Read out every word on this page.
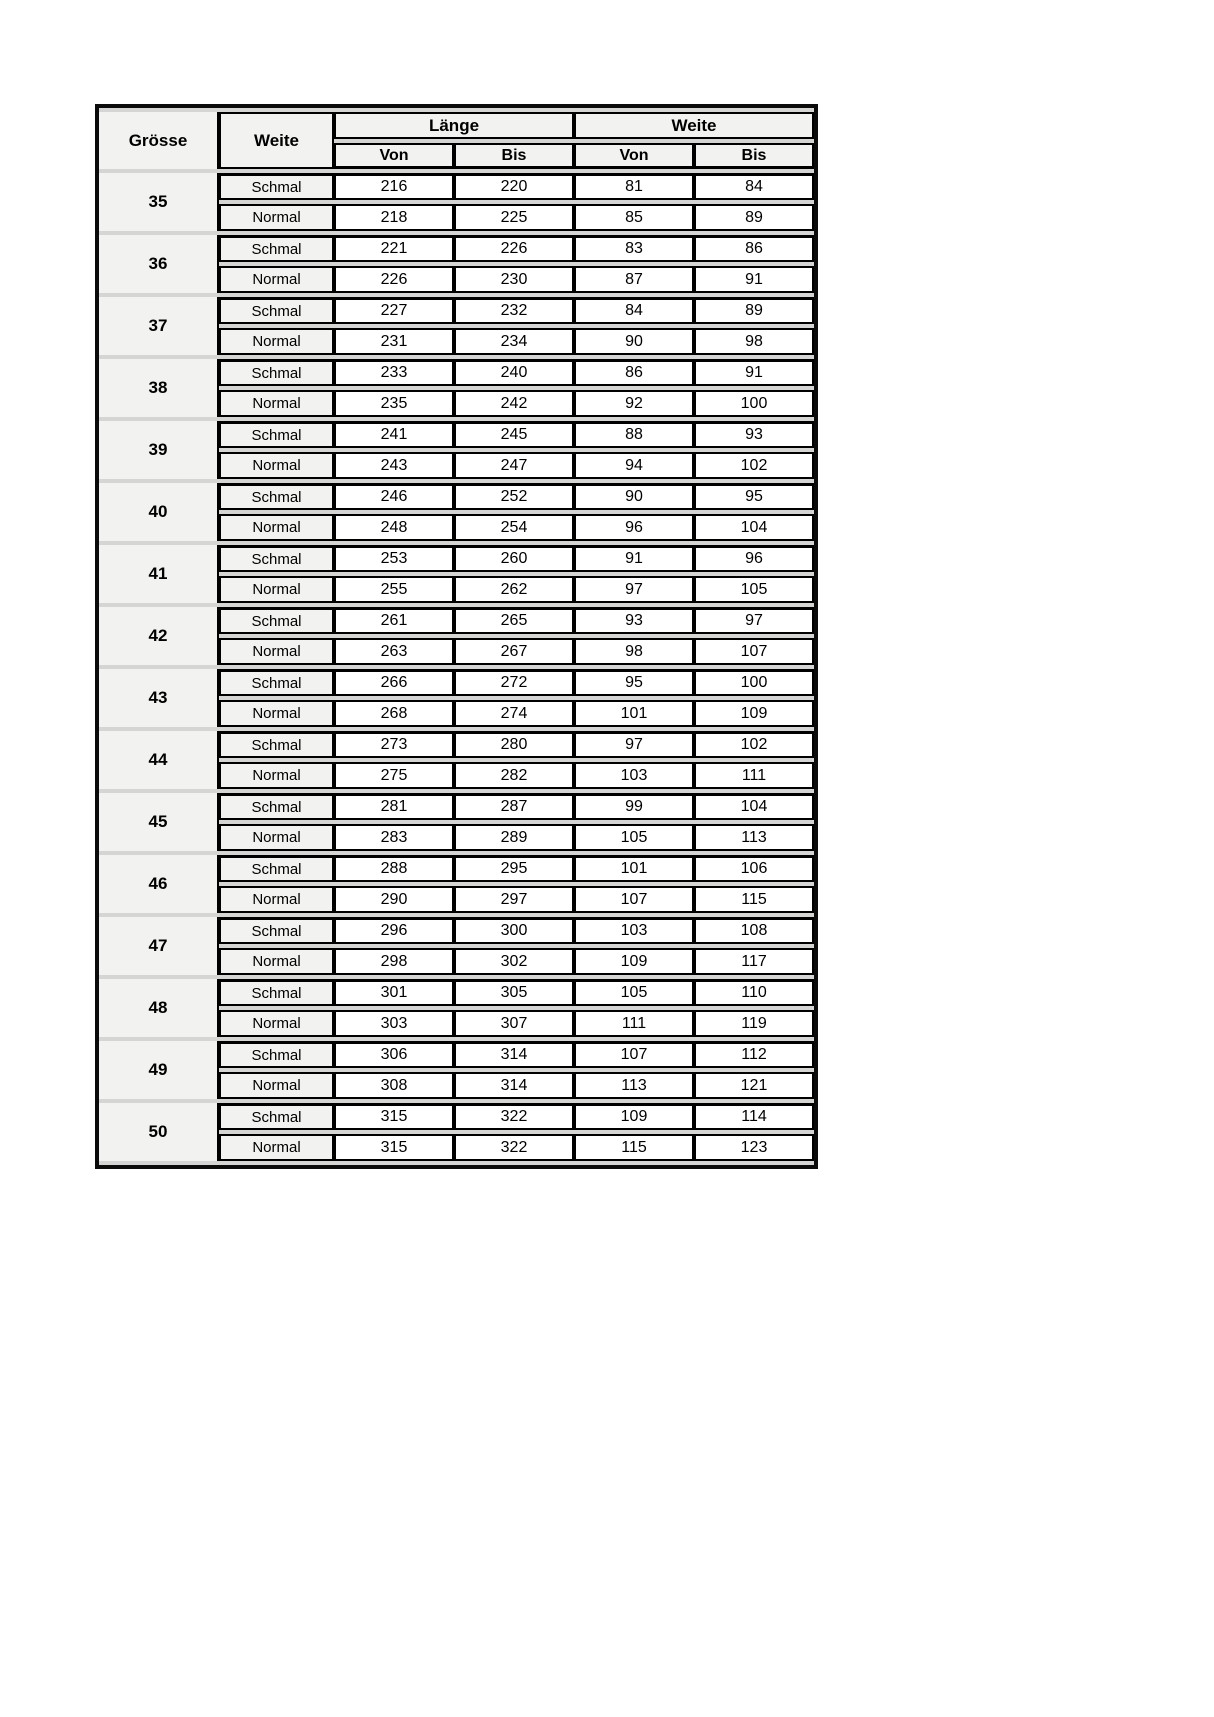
Grösse	Weite	Länge		Weite	
		Von	Bis	Von	Bis
35	Schmal	216	220	81	84
	Normal	218	225	85	89
36	Schmal	221	226	83	86
	Normal	226	230	87	91
37	Schmal	227	232	84	89
	Normal	231	234	90	98
38	Schmal	233	240	86	91
	Normal	235	242	92	100
39	Schmal	241	245	88	93
	Normal	243	247	94	102
40	Schmal	246	252	90	95
	Normal	248	254	96	104
41	Schmal	253	260	91	96
	Normal	255	262	97	105
42	Schmal	261	265	93	97
	Normal	263	267	98	107
43	Schmal	266	272	95	100
	Normal	268	274	101	109
44	Schmal	273	280	97	102
	Normal	275	282	103	111
45	Schmal	281	287	99	104
	Normal	283	289	105	113
46	Schmal	288	295	101	106
	Normal	290	297	107	115
47	Schmal	296	300	103	108
	Normal	298	302	109	117
48	Schmal	301	305	105	110
	Normal	303	307	111	119
49	Schmal	306	314	107	112
	Normal	308	314	113	121
50	Schmal	315	322	109	114
	Normal	315	322	115	123
